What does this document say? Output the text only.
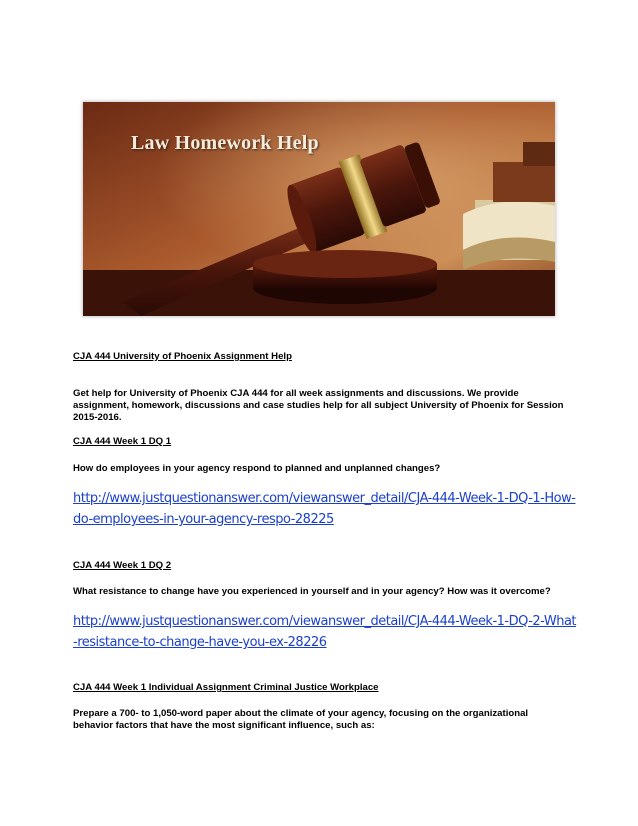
Law Homework Help

CJA 444 University of Phoenix Assignment Help

Get help for University of Phoenix CJA 444 for all week assignments and discussions. We provide assignment, homework, discussions and case studies help for all subject University of Phoenix for Session 2015-2016.

CJA 444 Week 1 DQ 1

How do employees in your agency respond to planned and unplanned changes?

http://www.justquestionanswer.com/viewanswer_detail/CJA-444-Week-1-DQ-1-How-do-employees-in-your-agency-respo-28225

CJA 444 Week 1 DQ 2

What resistance to change have you experienced in yourself and in your agency? How was it overcome?

http://www.justquestionanswer.com/viewanswer_detail/CJA-444-Week-1-DQ-2-What-resistance-to-change-have-you-ex-28226

CJA 444 Week 1 Individual Assignment Criminal Justice Workplace

Prepare a 700- to 1,050-word paper about the climate of your agency, focusing on the organizational behavior factors that have the most significant influence, such as:
